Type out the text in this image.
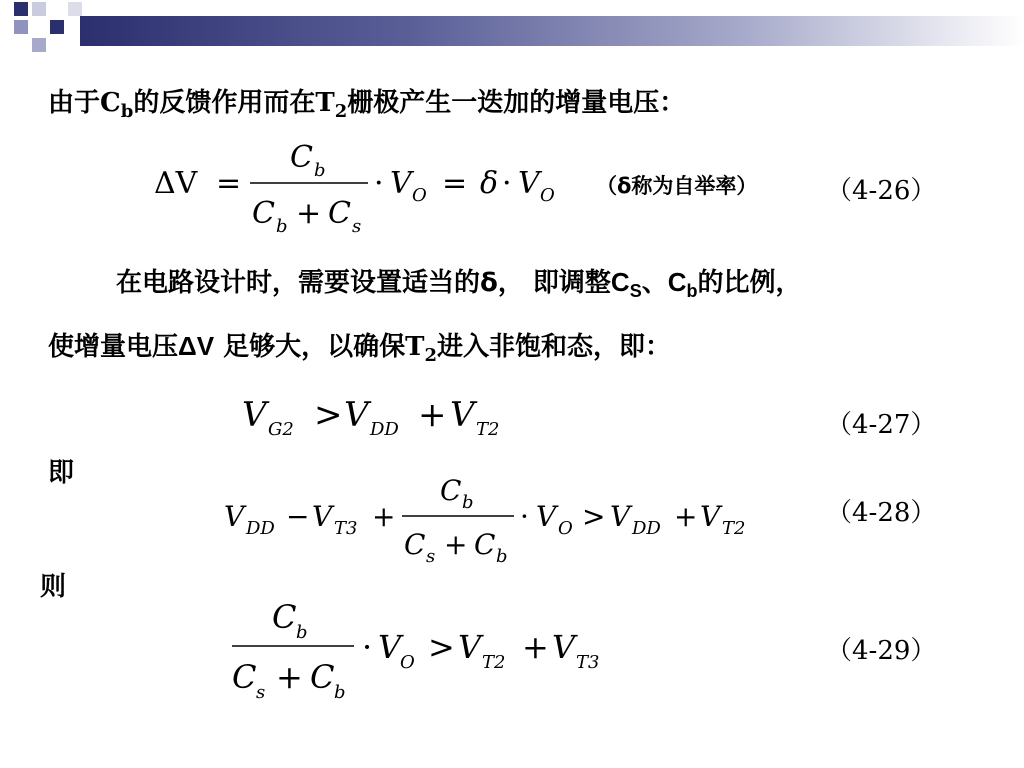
由于$C_b$的反馈作用而在$T_2$栅极产生一迭加的增量电压：
ΔV =
C b
C b + C s
· V O = δ · V O （δ称为自举率）	（4-26）
在电路设计时，需要设置适当的δ， 即调整$C_S$、$C_b$的比例，
使增量电压ΔV 足够大，以确保$T_2$进入非饱和态，即：
V G2 > V DD + V T2	（4-27）
即
V DD − V T3 +
C b
C s + C b
· V O > V DD + V T2
（4-28）
则
C b
C s + C b
· V
O > V T2 + V T3	（4-29）
